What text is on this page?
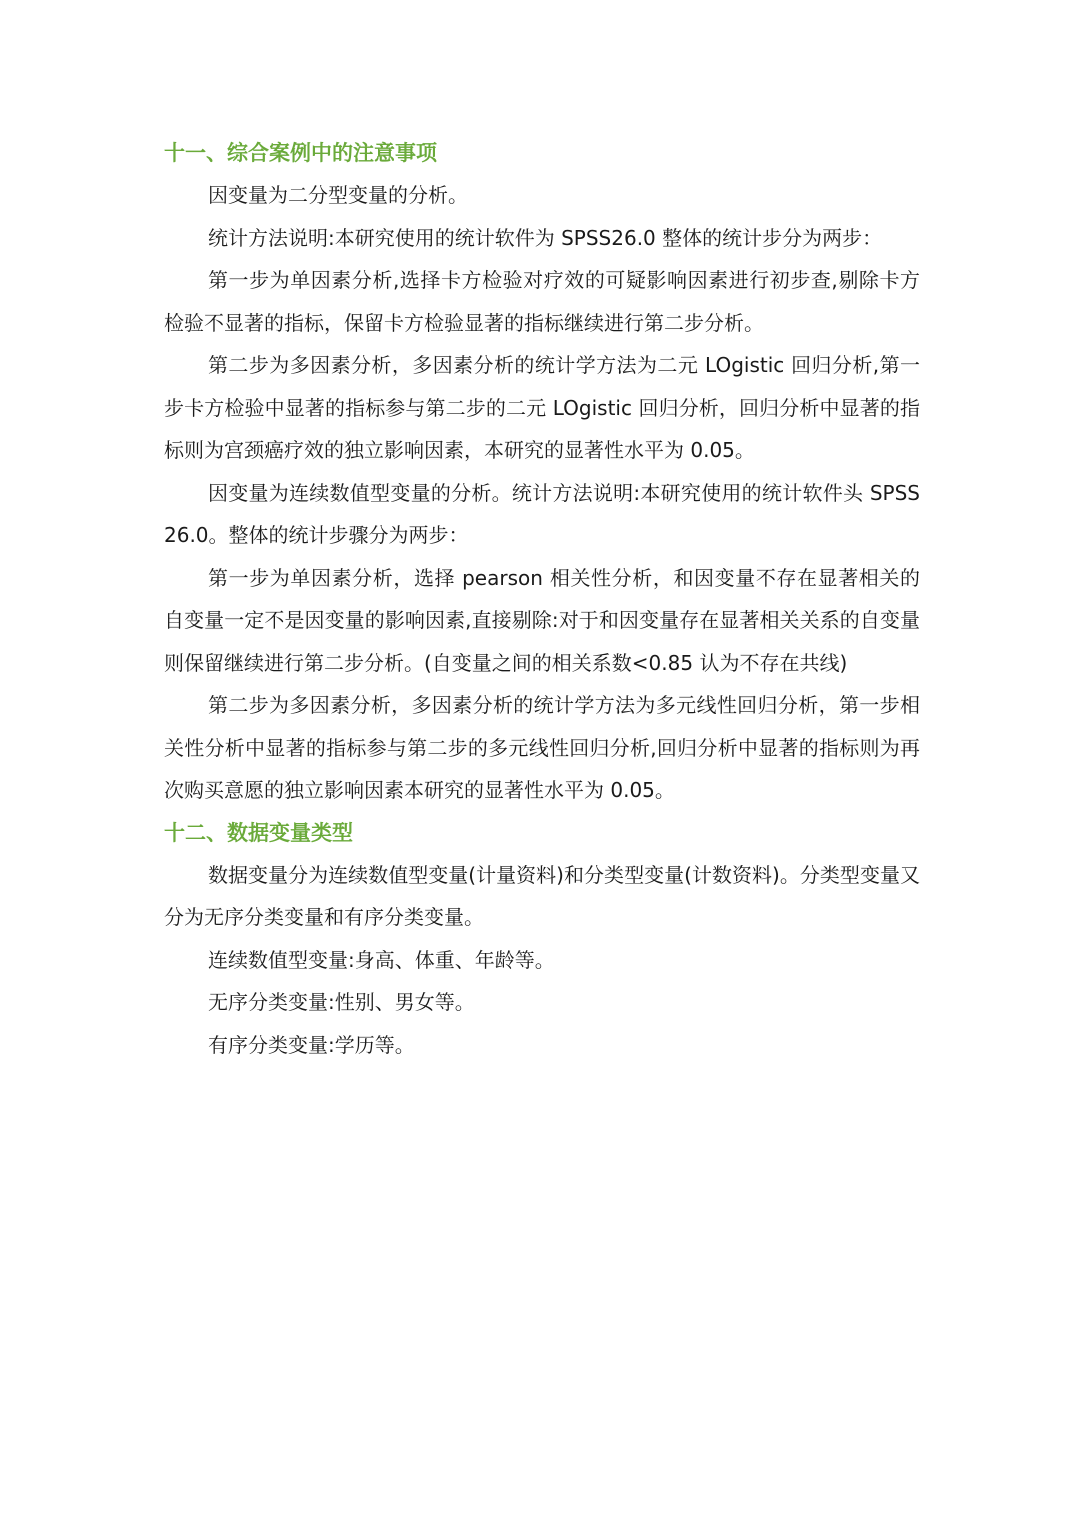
十一、综合案例中的注意事项

因变量为二分型变量的分析。

统计方法说明:本研究使用的统计软件为 SPSS26.0 整体的统计步分为两步：

第一步为单因素分析,选择卡方检验对疗效的可疑影响因素进行初步查,剔除卡方检验不显著的指标，保留卡方检验显著的指标继续进行第二步分析。

第二步为多因素分析，多因素分析的统计学方法为二元 LOgistic 回归分析,第一步卡方检验中显著的指标参与第二步的二元 LOgistic 回归分析，回归分析中显著的指标则为宫颈癌疗效的独立影响因素，本研究的显著性水平为 0.05。

因变量为连续数值型变量的分析。统计方法说明:本研究使用的统计软件头 SPSS26.0。整体的统计步骤分为两步：

第一步为单因素分析，选择 pearson 相关性分析，和因变量不存在显著相关的自变量一定不是因变量的影响因素,直接剔除:对于和因变量存在显著相关关系的自变量则保留继续进行第二步分析。(自变量之间的相关系数<0.85 认为不存在共线)

第二步为多因素分析，多因素分析的统计学方法为多元线性回归分析，第一步相关性分析中显著的指标参与第二步的多元线性回归分析,回归分析中显著的指标则为再次购买意愿的独立影响因素本研究的显著性水平为 0.05。

十二、数据变量类型

数据变量分为连续数值型变量(计量资料)和分类型变量(计数资料)。分类型变量又分为无序分类变量和有序分类变量。

连续数值型变量:身高、体重、年龄等。

无序分类变量:性别、男女等。

有序分类变量:学历等。
